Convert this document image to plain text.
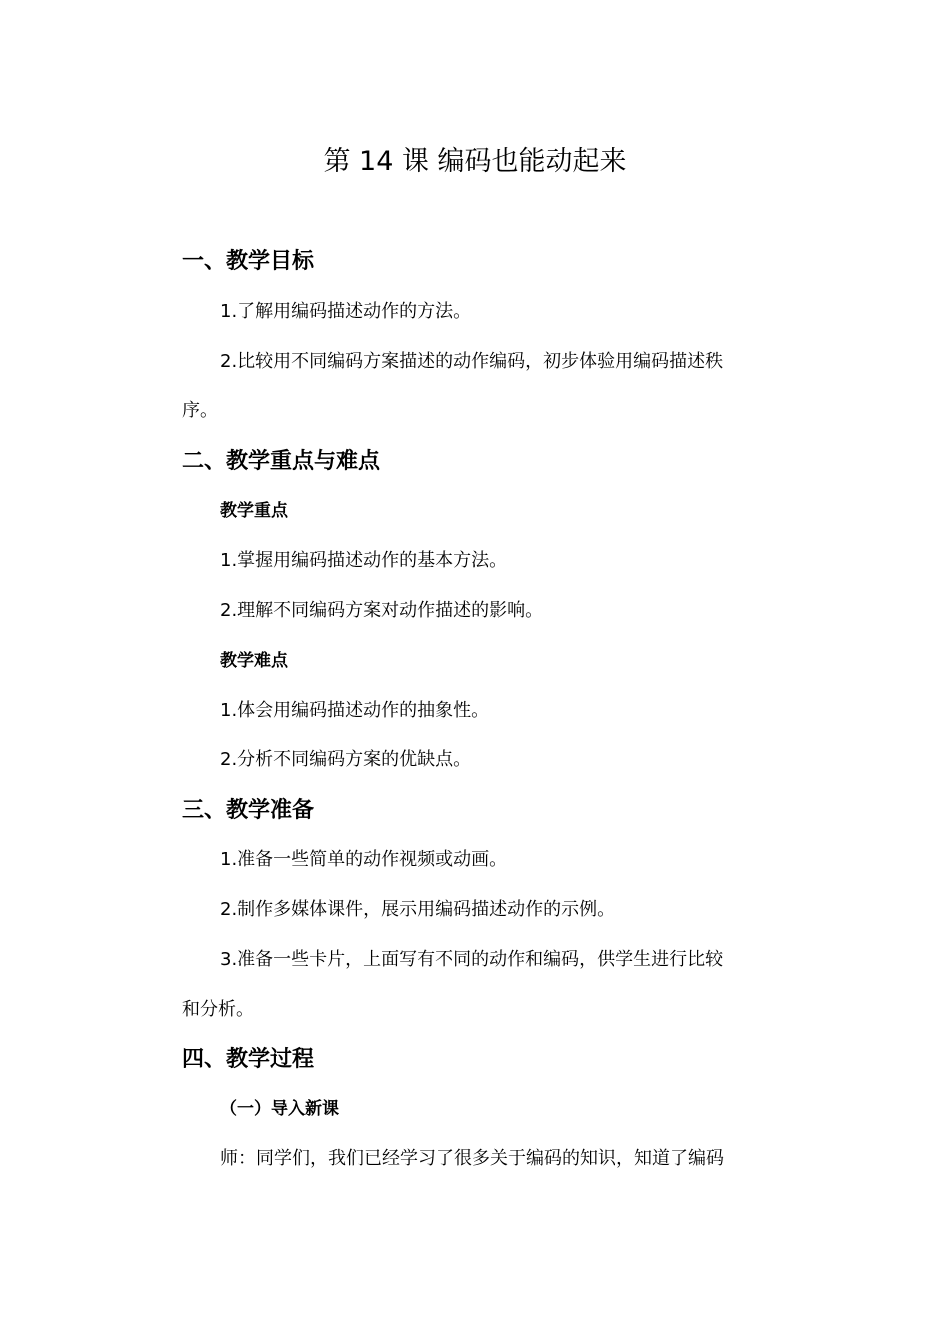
第 14 课 编码也能动起来
一、教学目标
1.了解用编码描述动作的方法。
2.比较用不同编码方案描述的动作编码，初步体验用编码描述秩
序。
二、教学重点与难点
教学重点
1.掌握用编码描述动作的基本方法。
2.理解不同编码方案对动作描述的影响。
教学难点
1.体会用编码描述动作的抽象性。
2.分析不同编码方案的优缺点。
三、教学准备
1.准备一些简单的动作视频或动画。
2.制作多媒体课件，展示用编码描述动作的示例。
3.准备一些卡片，上面写有不同的动作和编码，供学生进行比较
和分析。
四、教学过程
（一）导入新课
师：同学们，我们已经学习了很多关于编码的知识，知道了编码
